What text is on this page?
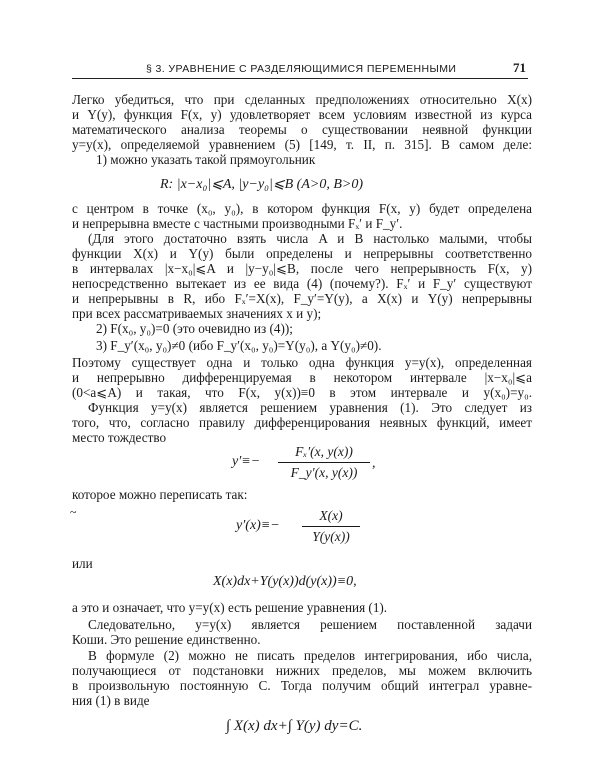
§ 3. УРАВНЕНИЕ С РАЗДЕЛЯЮЩИМИСЯ ПЕРЕМЕННЫМИ	71
Легко убедиться, что при сделанных предположениях относительно X(x)
и Y(y), функция F(x, y) удовлетворяет всем условиям известной из курса
математического анализа теоремы о существовании неявной функции
y=y(x), определяемой уравнением (5) [149, т. II, п. 315]. В самом деле:
1) можно указать такой прямоугольник
R: |x−x₀|⩽A, |y−y₀|⩽B (A>0, B>0)
с центром в точке (x₀, y₀), в котором функция F(x, y) будет определена
и непрерывна вместе с частными производными Fₓ′ и F_y′.
(Для этого достаточно взять числа A и B настолько малыми, чтобы
функции X(x) и Y(y) были определены и непрерывны соответственно
в интервалах |x−x₀|⩽A и |y−y₀|⩽B, после чего непрерывность F(x, y)
непосредственно вытекает из ее вида (4) (почему?). Fₓ′ и F_y′ существуют
и непрерывны в R, ибо Fₓ′=X(x), F_y′=Y(y), а X(x) и Y(y) непрерывны
при всех рассматриваемых значениях x и y);
2) F(x₀, y₀)=0 (это очевидно из (4));
3) F_y′(x₀, y₀)≠0 (ибо F_y′(x₀, y₀)=Y(y₀), а Y(y₀)≠0).
Поэтому существует одна и только одна функция y=y(x), определенная
и непрерывно дифференцируемая в некотором интервале |x−x₀|⩽a
(0<a⩽A) и такая, что F(x, y(x))≡0 в этом интервале и y(x₀)=y₀.
Функция y=y(x) является решением уравнения (1). Это следует из
того, что, согласно правилу дифференцирования неявных функций, имеет
место тождество
y′≡−
Fₓ′(x, y(x))
F_y′(x, y(x))
,
которое можно переписать так:
y′(x)≡−
X(x)
Y(y(x))
~
или
X(x)dx+Y(y(x))d(y(x))≡0,
а это и означает, что y=y(x) есть решение уравнения (1).
Следовательно, y=y(x) является решением поставленной задачи
Коши. Это решение единственно.
В формуле (2) можно не писать пределов интегрирования, ибо числа,
получающиеся от подстановки нижних пределов, мы можем включить
в произвольную постоянную C. Тогда получим общий интеграл уравне-
ния (1) в виде
∫ X(x) dx+∫ Y(y) dy=C.
